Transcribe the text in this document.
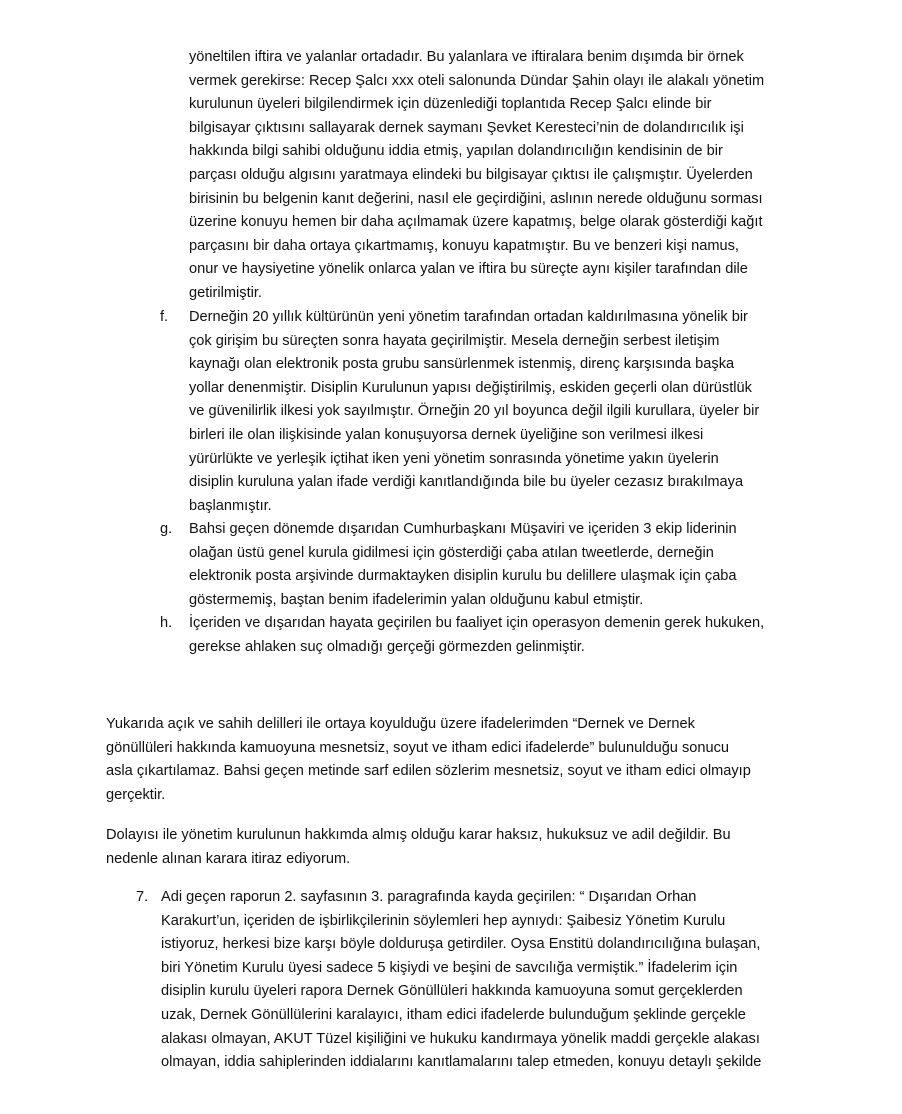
yöneltilen iftira ve yalanlar ortadadır. Bu yalanlara ve iftiralara benim dışımda bir örnek
vermek gerekirse: Recep Şalcı xxx oteli salonunda Dündar Şahin olayı ile alakalı yönetim
kurulunun üyeleri bilgilendirmek için düzenlediği toplantıda Recep Şalcı elinde bir
bilgisayar çıktısını sallayarak dernek saymanı Şevket Keresteci’nin de dolandırıcılık işi
hakkında bilgi sahibi olduğunu iddia etmiş, yapılan dolandırıcılığın kendisinin de bir
parçası olduğu algısını yaratmaya elindeki bu bilgisayar çıktısı ile çalışmıştır. Üyelerden
birisinin bu belgenin kanıt değerini, nasıl ele geçirdiğini, aslının nerede olduğunu sorması
üzerine konuyu hemen bir daha açılmamak üzere kapatmış, belge olarak gösterdiği kağıt
parçasını bir daha ortaya çıkartmamış, konuyu kapatmıştır. Bu ve benzeri kişi namus,
onur ve haysiyetine yönelik onlarca yalan ve iftira bu süreçte aynı kişiler tarafından dile
getirilmiştir.
f. Derneğin 20 yıllık kültürünün yeni yönetim tarafından ortadan kaldırılmasına yönelik bir
çok girişim bu süreçten sonra hayata geçirilmiştir. Mesela derneğin serbest iletişim
kaynağı olan elektronik posta grubu sansürlenmek istenmiş, direnç karşısında başka
yollar denenmiştir. Disiplin Kurulunun yapısı değiştirilmiş, eskiden geçerli olan dürüstlük
ve güvenilirlik ilkesi yok sayılmıştır. Örneğin 20 yıl boyunca değil ilgili kurullara, üyeler bir
birleri ile olan ilişkisinde yalan konuşuyorsa dernek üyeliğine son verilmesi ilkesi
yürürlükte ve yerleşik içtihat iken yeni yönetim sonrasında yönetime yakın üyelerin
disiplin kuruluna yalan ifade verdiği kanıtlandığında bile bu üyeler cezasız bırakılmaya
başlanmıştır.
g. Bahsi geçen dönemde dışarıdan Cumhurbaşkanı Müşaviri ve içeriden 3 ekip liderinin
olağan üstü genel kurula gidilmesi için gösterdiği çaba atılan tweetlerde, derneğin
elektronik posta arşivinde durmaktayken disiplin kurulu bu delillere ulaşmak için çaba
göstermemiş, baştan benim ifadelerimin yalan olduğunu kabul etmiştir.
h. İçeriden ve dışarıdan hayata geçirilen bu faaliyet için operasyon demenin gerek hukuken,
gerekse ahlaken suç olmadığı gerçeği görmezden gelinmiştir.
Yukarıda açık ve sahih delilleri ile ortaya koyulduğu üzere ifadelerimden “Dernek ve Dernek
gönüllüleri hakkında kamuoyuna mesnetsiz, soyut ve itham edici ifadelerde” bulunulduğu sonucu
asla çıkartılamaz. Bahsi geçen metinde sarf edilen sözlerim mesnetsiz, soyut ve itham edici olmayıp
gerçektir.
Dolayısı ile yönetim kurulunun hakkımda almış olduğu karar haksız, hukuksuz ve adil değildir. Bu
nedenle alınan karara itiraz ediyorum.
7. Adi geçen raporun 2. sayfasının 3. paragrafında kayda geçirilen: “ Dışarıdan Orhan
Karakurt’un, içeriden de işbirlikçilerinin söylemleri hep aynıydı: Şaibesiz Yönetim Kurulu
istiyoruz, herkesi bize karşı böyle dolduruşa getirdiler. Oysa Enstitü dolandırıcılığına bulaşan,
biri Yönetim Kurulu üyesi sadece 5 kişiydi ve beşini de savcılığa vermiştik.” İfadelerim için
disiplin kurulu üyeleri rapora Dernek Gönüllüleri hakkında kamuoyuna somut gerçeklerden
uzak, Dernek Gönüllülerini karalayıcı, itham edici ifadelerde bulunduğum şeklinde gerçekle
alakası olmayan, AKUT Tüzel kişiliğini ve hukuku kandırmaya yönelik maddi gerçekle alakası
olmayan, iddia sahiplerinden iddialarını kanıtlamalarını talep etmeden, konuyu detaylı şekilde
